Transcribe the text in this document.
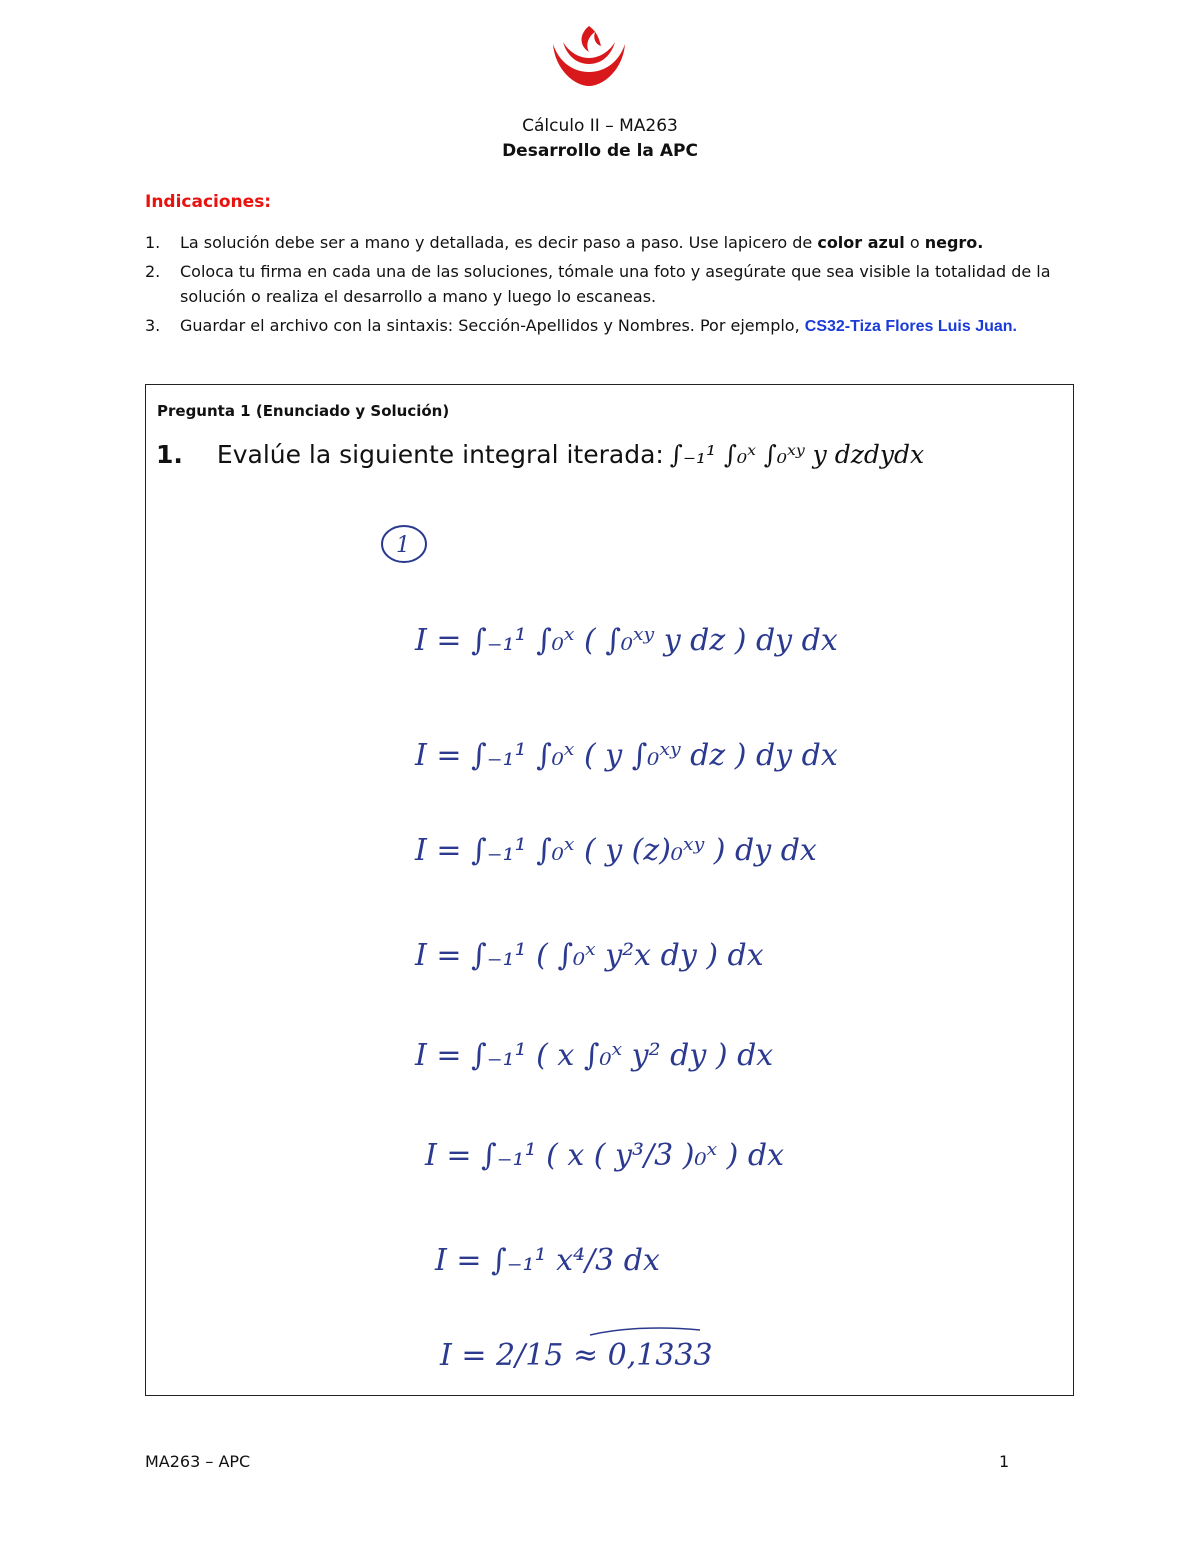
Cálculo II – MA263
Desarrollo de la APC
Indicaciones:
1. La solución debe ser a mano y detallada, es decir paso a paso. Use lapicero de color azul o negro.
2. Coloca tu firma en cada una de las soluciones, tómale una foto y asegúrate que sea visible la totalidad de la solución o realiza el desarrollo a mano y luego lo escaneas.
3. Guardar el archivo con la sintaxis: Sección-Apellidos y Nombres. Por ejemplo, CS32-Tiza Flores Luis Juan.
Pregunta 1 (Enunciado y Solución)
1. Evalúe la siguiente integral iterada: ∫₋₁¹ ∫₀ˣ ∫₀ˣʸ y dzdydx
1
I = ∫₋₁¹ ∫₀ˣ ( ∫₀ˣʸ y dz ) dy dx
I = ∫₋₁¹ ∫₀ˣ ( y ∫₀ˣʸ dz ) dy dx
I = ∫₋₁¹ ∫₀ˣ ( y (z)₀ˣʸ ) dy dx
I = ∫₋₁¹ ( ∫₀ˣ y²x dy ) dx
I = ∫₋₁¹ ( x ∫₀ˣ y² dy ) dx
I = ∫₋₁¹ ( x ( y³/3 )₀ˣ ) dx
I = ∫₋₁¹ x⁴/3 dx
I = 2/15 ≈ 0,1333
MA263 – APC	1
